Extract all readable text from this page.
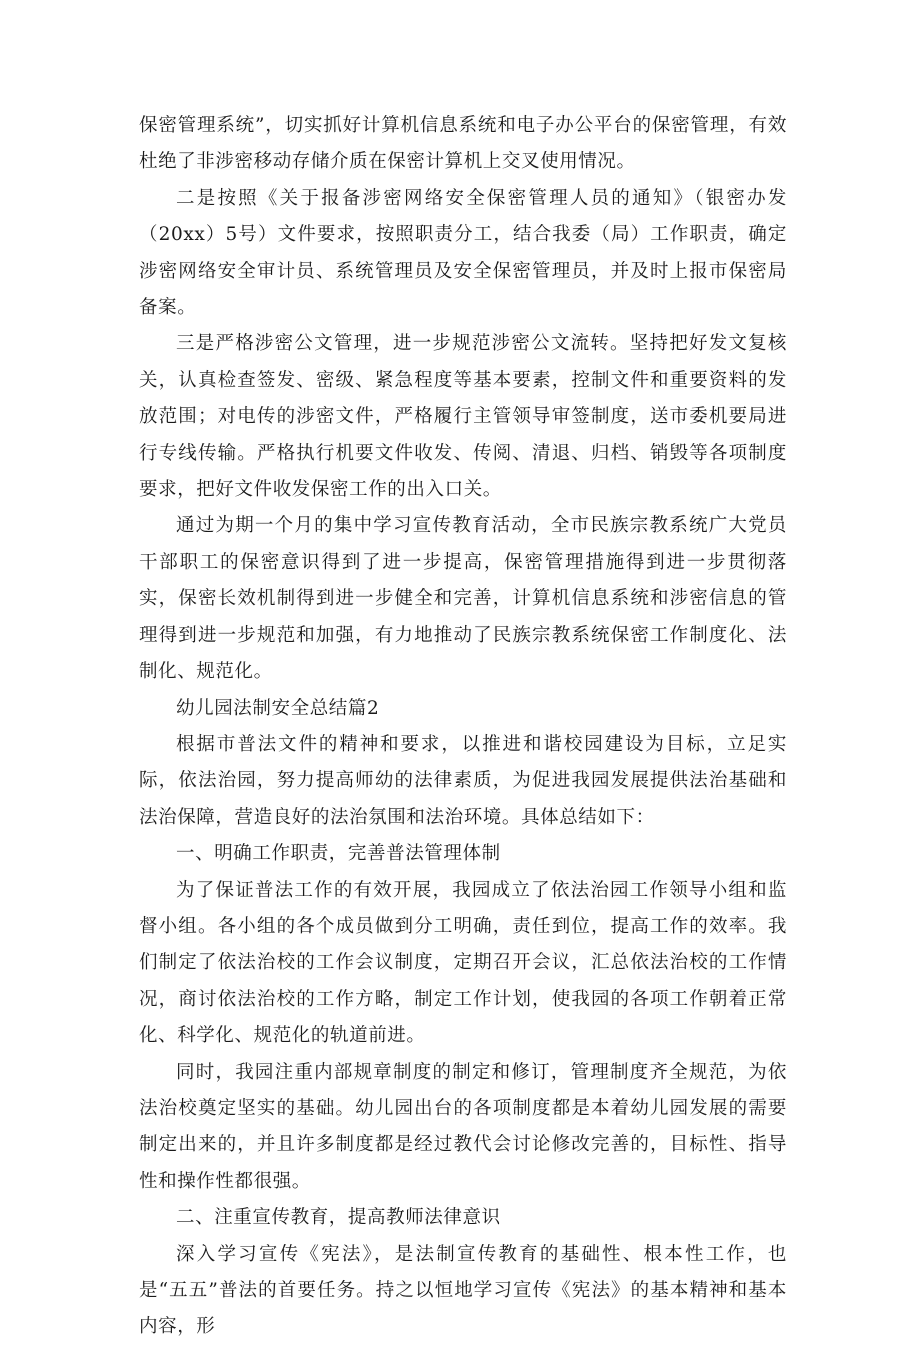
保密管理系统”，切实抓好计算机信息系统和电子办公平台的保密管理，有效杜绝了非涉密移动存储介质在保密计算机上交叉使用情况。

二是按照《关于报备涉密网络安全保密管理人员的通知》（银密办发（20xx）5号）文件要求，按照职责分工，结合我委（局）工作职责，确定涉密网络安全审计员、系统管理员及安全保密管理员，并及时上报市保密局备案。

三是严格涉密公文管理，进一步规范涉密公文流转。坚持把好发文复核关，认真检查签发、密级、紧急程度等基本要素，控制文件和重要资料的发放范围；对电传的涉密文件，严格履行主管领导审签制度，送市委机要局进行专线传输。严格执行机要文件收发、传阅、清退、归档、销毁等各项制度要求，把好文件收发保密工作的出入口关。

通过为期一个月的集中学习宣传教育活动，全市民族宗教系统广大党员干部职工的保密意识得到了进一步提高，保密管理措施得到进一步贯彻落实，保密长效机制得到进一步健全和完善，计算机信息系统和涉密信息的管理得到进一步规范和加强，有力地推动了民族宗教系统保密工作制度化、法制化、规范化。

幼儿园法制安全总结篇2

根据市普法文件的精神和要求，以推进和谐校园建设为目标，立足实际，依法治园，努力提高师幼的法律素质，为促进我园发展提供法治基础和法治保障，营造良好的法治氛围和法治环境。具体总结如下：

一、明确工作职责，完善普法管理体制

为了保证普法工作的有效开展，我园成立了依法治园工作领导小组和监督小组。各小组的各个成员做到分工明确，责任到位，提高工作的效率。我们制定了依法治校的工作会议制度，定期召开会议，汇总依法治校的工作情况，商讨依法治校的工作方略，制定工作计划，使我园的各项工作朝着正常化、科学化、规范化的轨道前进。

同时，我园注重内部规章制度的制定和修订，管理制度齐全规范，为依法治校奠定坚实的基础。幼儿园出台的各项制度都是本着幼儿园发展的需要制定出来的，并且许多制度都是经过教代会讨论修改完善的，目标性、指导性和操作性都很强。

二、注重宣传教育，提高教师法律意识

深入学习宣传《宪法》，是法制宣传教育的基础性、根本性工作，也是“五五”普法的首要任务。持之以恒地学习宣传《宪法》的基本精神和基本内容，形
